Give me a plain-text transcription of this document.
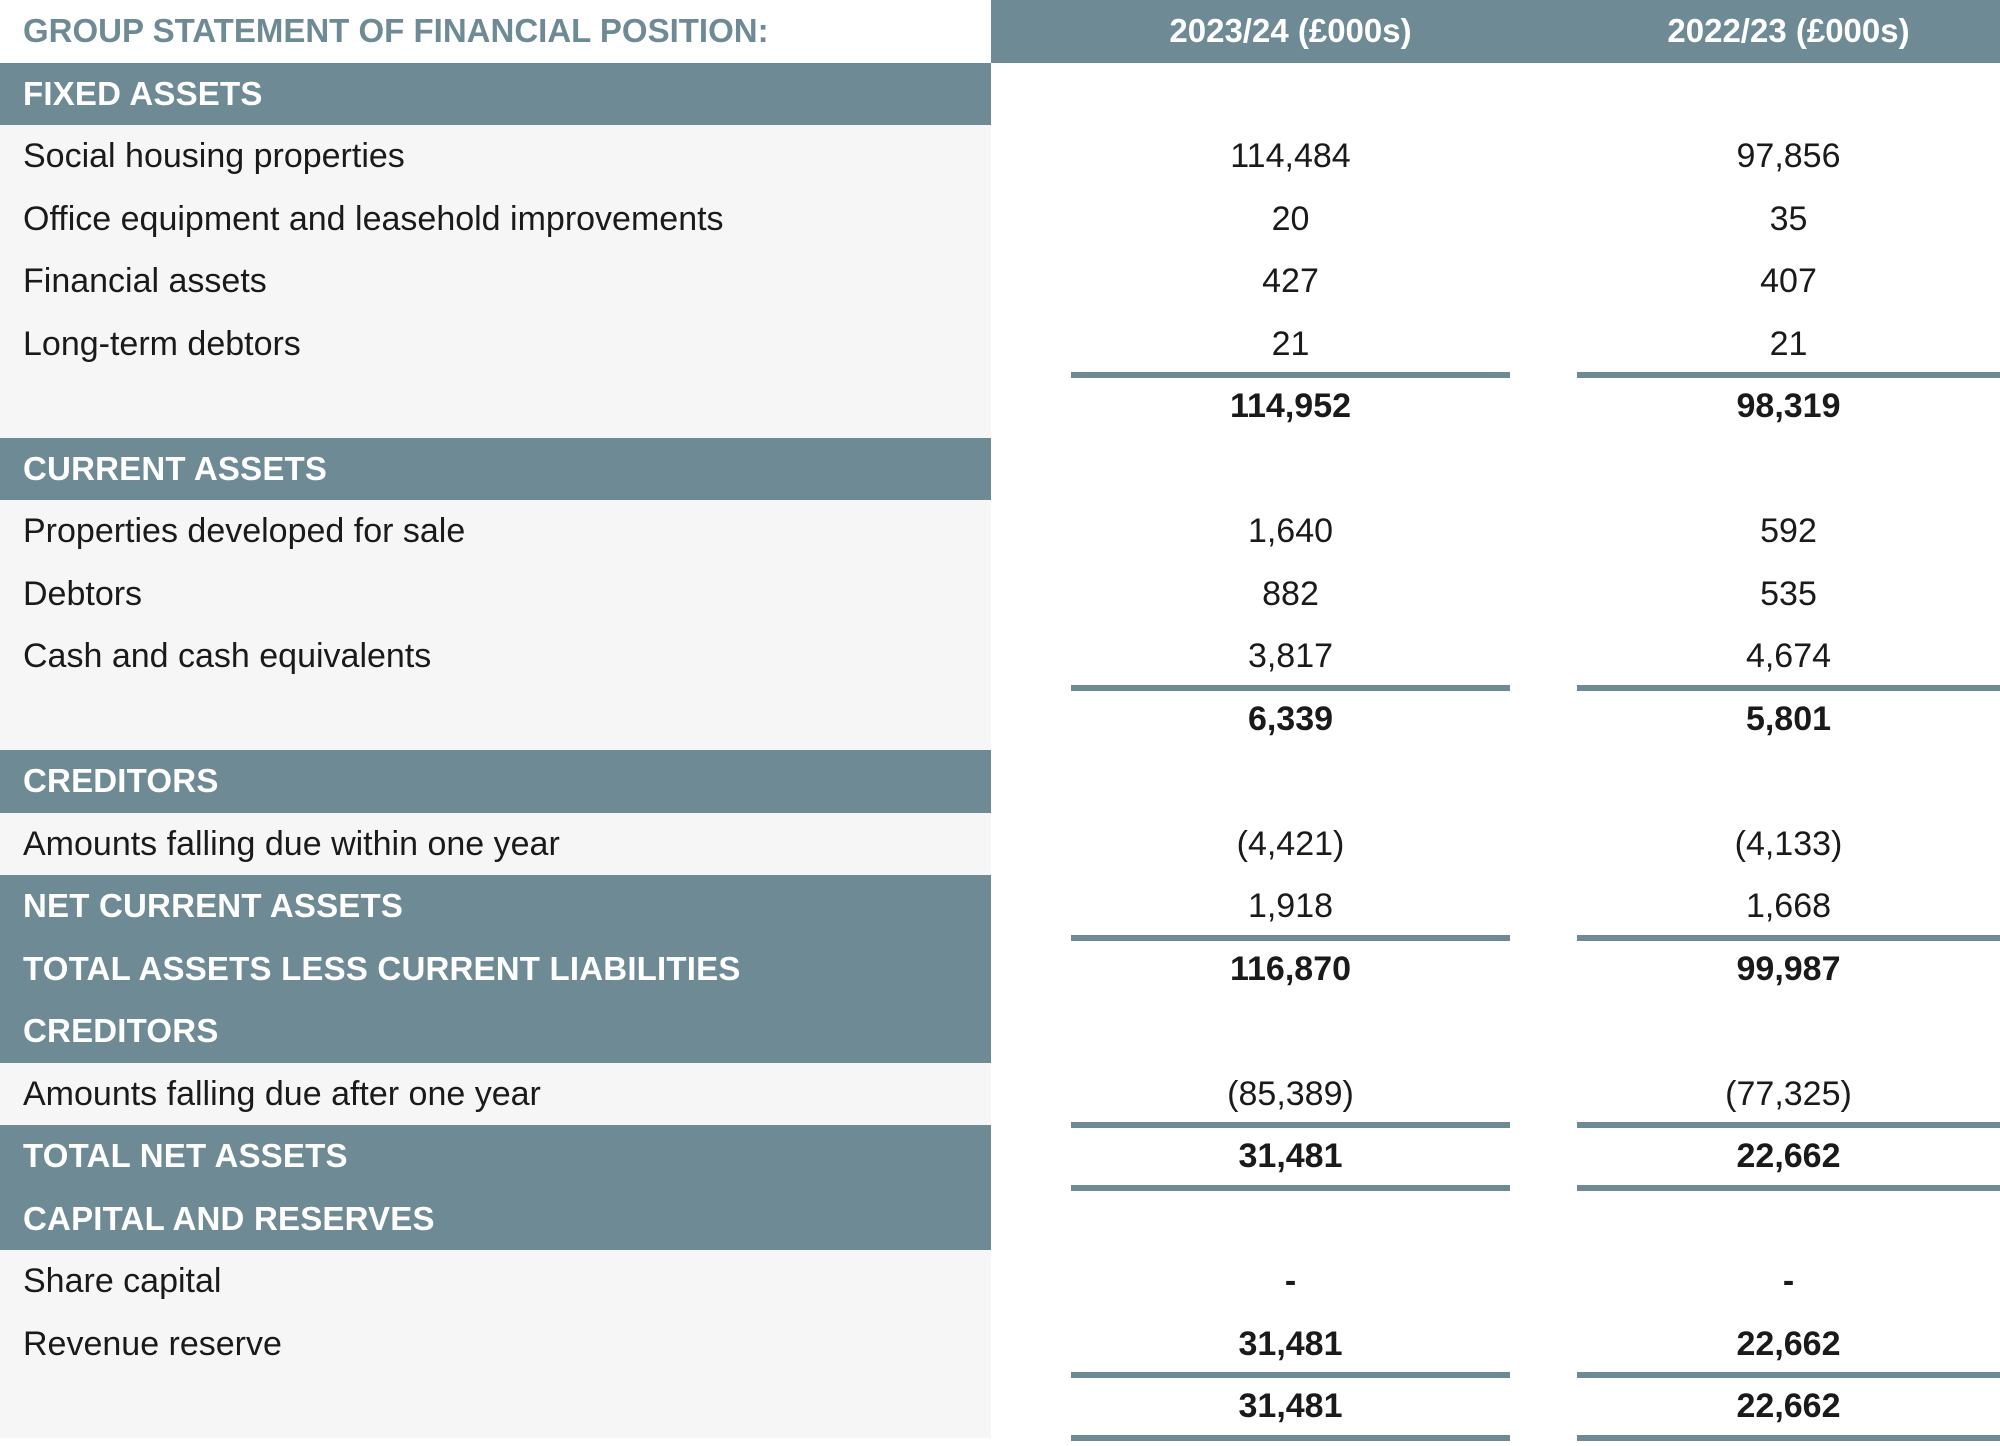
GROUP STATEMENT OF FINANCIAL POSITION:	2023/24 (£000s)	2022/23 (£000s)
FIXED ASSETS
Social housing properties	114,484	97,856
Office equipment and leasehold improvements	20	35
Financial assets	427	407
Long-term debtors	21	21
114,952	98,319
CURRENT ASSETS
Properties developed for sale	1,640	592
Debtors	882	535
Cash and cash equivalents	3,817	4,674
6,339	5,801
CREDITORS
Amounts falling due within one year	(4,421)	(4,133)
NET CURRENT ASSETS	1,918	1,668
TOTAL ASSETS LESS CURRENT LIABILITIES	116,870	99,987
CREDITORS
Amounts falling due after one year	(85,389)	(77,325)
TOTAL NET ASSETS	31,481	22,662
CAPITAL AND RESERVES
Share capital	-	-
Revenue reserve	31,481	22,662
31,481	22,662
